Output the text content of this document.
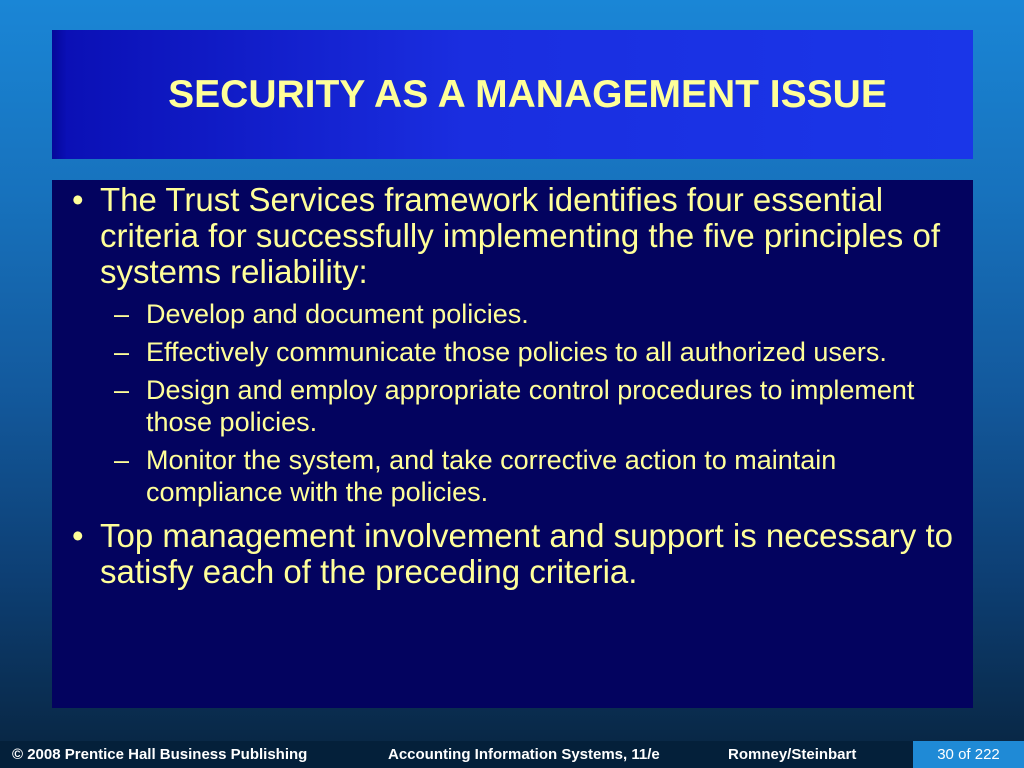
SECURITY AS A MANAGEMENT ISSUE

• The Trust Services framework identifies four essential criteria for successfully implementing the five principles of systems reliability:

– Develop and document policies.

– Effectively communicate those policies to all authorized users.

– Design and employ appropriate control procedures to implement those policies.

– Monitor the system, and take corrective action to maintain compliance with the policies.

• Top management involvement and support is necessary to satisfy each of the preceding criteria.

© 2008 Prentice Hall Business Publishing	Accounting Information Systems, 11/e	Romney/Steinbart	30 of 222
